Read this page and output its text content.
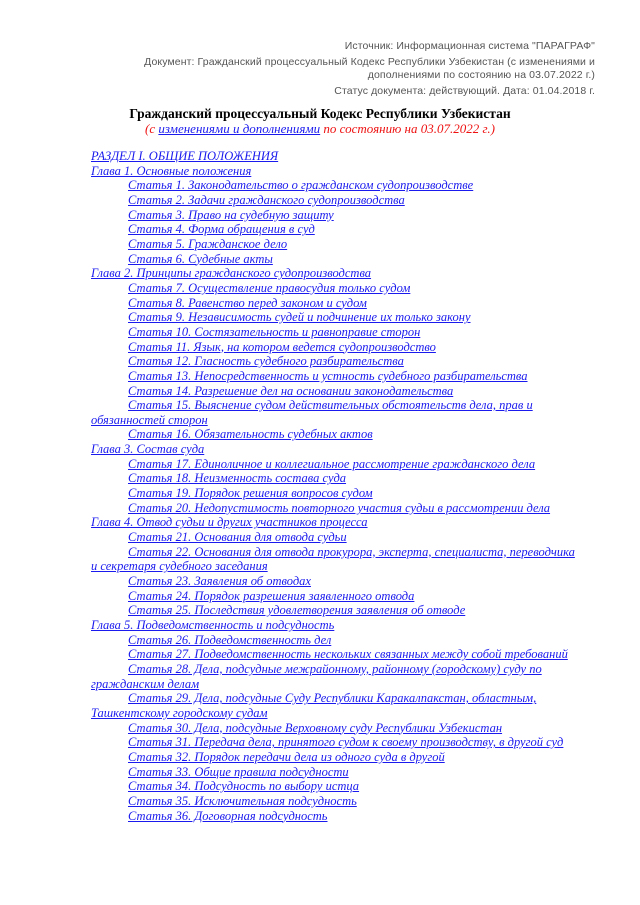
Источник: Информационная система "ПАРАГРАФ"
Документ: Гражданский процессуальный Кодекс Республики Узбекистан (с изменениями и дополнениями по состоянию на 03.07.2022 г.)
Статус документа: действующий. Дата: 01.04.2018 г.
Гражданский процессуальный Кодекс Республики Узбекистан
(с изменениями и дополнениями по состоянию на 03.07.2022 г.)
РАЗДЕЛ I. ОБЩИЕ ПОЛОЖЕНИЯ
Глава 1. Основные положения
Статья 1. Законодательство о гражданском судопроизводстве
Статья 2. Задачи гражданского судопроизводства
Статья 3. Право на судебную защиту
Статья 4. Форма обращения в суд
Статья 5. Гражданское дело
Статья 6. Судебные акты
Глава 2. Принципы гражданского судопроизводства
Статья 7. Осуществление правосудия только судом
Статья 8. Равенство перед законом и судом
Статья 9. Независимость судей и подчинение их только закону
Статья 10. Состязательность и равноправие сторон
Статья 11. Язык, на котором ведется судопроизводство
Статья 12. Гласность судебного разбирательства
Статья 13. Непосредственность и устность судебного разбирательства
Статья 14. Разрешение дел на основании законодательства
Статья 15. Выяснение судом действительных обстоятельств дела, прав и обязанностей сторон
Статья 16. Обязательность судебных актов
Глава 3. Состав суда
Статья 17. Единоличное и коллегиальное рассмотрение гражданского дела
Статья 18. Неизменность состава суда
Статья 19. Порядок решения вопросов судом
Статья 20. Недопустимость повторного участия судьи в рассмотрении дела
Глава 4. Отвод судьи и других участников процесса
Статья 21. Основания для отвода судьи
Статья 22. Основания для отвода прокурора, эксперта, специалиста, переводчика и секретаря судебного заседания
Статья 23. Заявления об отводах
Статья 24. Порядок разрешения заявленного отвода
Статья 25. Последствия удовлетворения заявления об отводе
Глава 5. Подведомственность и подсудность
Статья 26. Подведомственность дел
Статья 27. Подведомственность нескольких связанных между собой требований
Статья 28. Дела, подсудные межрайонному, районному (городскому) суду по гражданским делам
Статья 29. Дела, подсудные Суду Республики Каракалпакстан, областным, Ташкентскому городскому судам
Статья 30. Дела, подсудные Верховному суду Республики Узбекистан
Статья 31. Передача дела, принятого судом к своему производству, в другой суд
Статья 32. Порядок передачи дела из одного суда в другой
Статья 33. Общие правила подсудности
Статья 34. Подсудность по выбору истца
Статья 35. Исключительная подсудность
Статья 36. Договорная подсудность
